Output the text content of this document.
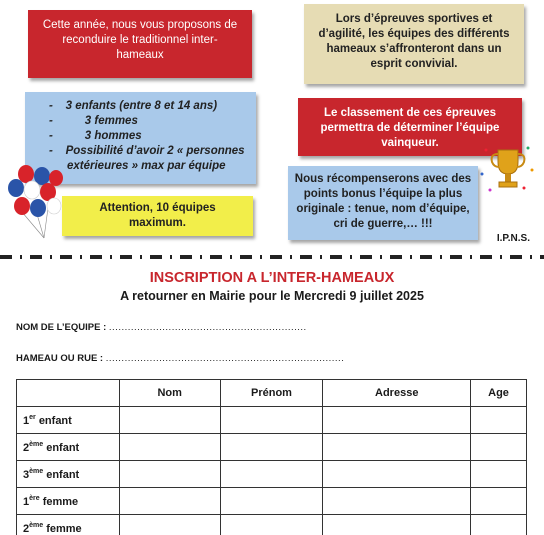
Cette année, nous vous proposons de
reconduire le traditionnel inter-
hameaux
Lors d’épreuves sportives et
d’agilité, les équipes des différents
hameaux s’affronteront dans un
esprit convivial.
-    3 enfants (entre 8 et 14 ans)
-          3 femmes
-          3 hommes
-    Possibilité d’avoir 2 « personnes
extérieures » max par équipe
Le classement de ces épreuves
permettra de déterminer l’équipe
vainqueur.
Attention, 10 équipes
maximum.
Nous récompenserons avec des
points bonus l’équipe la plus
originale : tenue, nom d’équipe,
cri de guerre,… !!!
I.P.N.S.
INSCRIPTION A L’INTER-HAMEAUX
A retourner en Mairie pour le Mercredi 9 juillet 2025
NOM DE L’EQUIPE : ...............................................................
HAMEAU OU RUE : ............................................................................
	Nom	Prénom	Adresse	Age
1er enfant				
2ème enfant				
3ème enfant				
1ère femme				
2ème femme				
